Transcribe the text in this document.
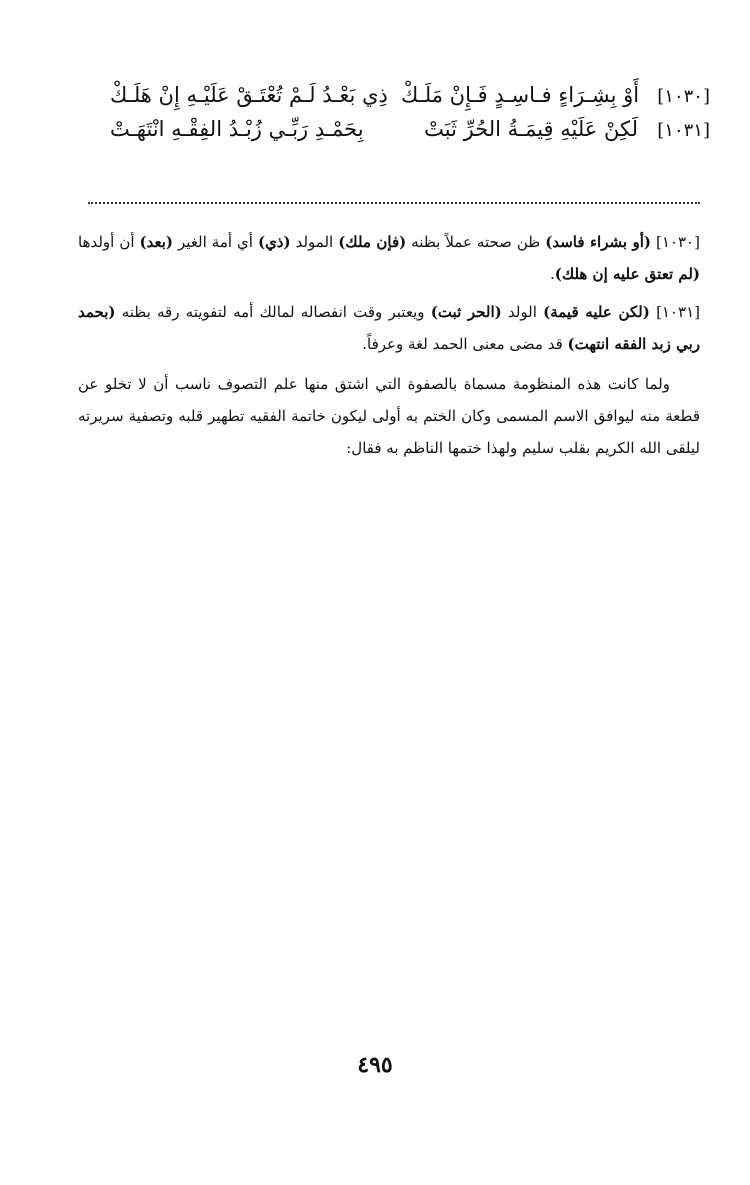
[١٠٣٠]
أَوْ بِشِـرَاءٍ فـاسِـدٍ فَـإِنْ مَلَـكْ
ذِي بَعْـدُ لَـمْ تُعْتَـقْ عَلَيْـهِ إِنْ هَلَـكْ
[١٠٣١]
لَكِنْ عَلَيْهِ قِيمَـةُ الحُرِّ ثَبَتْ
بِحَمْـدِ رَبِّـي زُبْـدُ الفِقْـهِ انْتَهَـتْ

[١٠٣٠] (أو بشراء فاسد) ظن صحته عملاً بظنه (فإن ملك) المولد (ذي) أي أمة الغير (بعد) أن أولدها (لم تعتق عليه إن هلك).

[١٠٣١] (لكن عليه قيمة) الولد (الحر ثبت) ويعتبر وقت انفصاله لمالك أمه لتفويته رقه بظنه (بحمد ربي زبد الفقه انتهت) قد مضى معنى الحمد لغة وعرفاً.

ولما كانت هذه المنظومة مسماة بالصفوة التي اشتق منها علم التصوف ناسب أن لا تخلو عن قطعة منه ليوافق الاسم المسمى وكان الختم به أولى ليكون خاتمة الفقيه تطهير قلبه وتصفية سريرته ليلقى الله الكريم بقلب سليم ولهذا ختمها الناظم به فقال:

٤٩٥
